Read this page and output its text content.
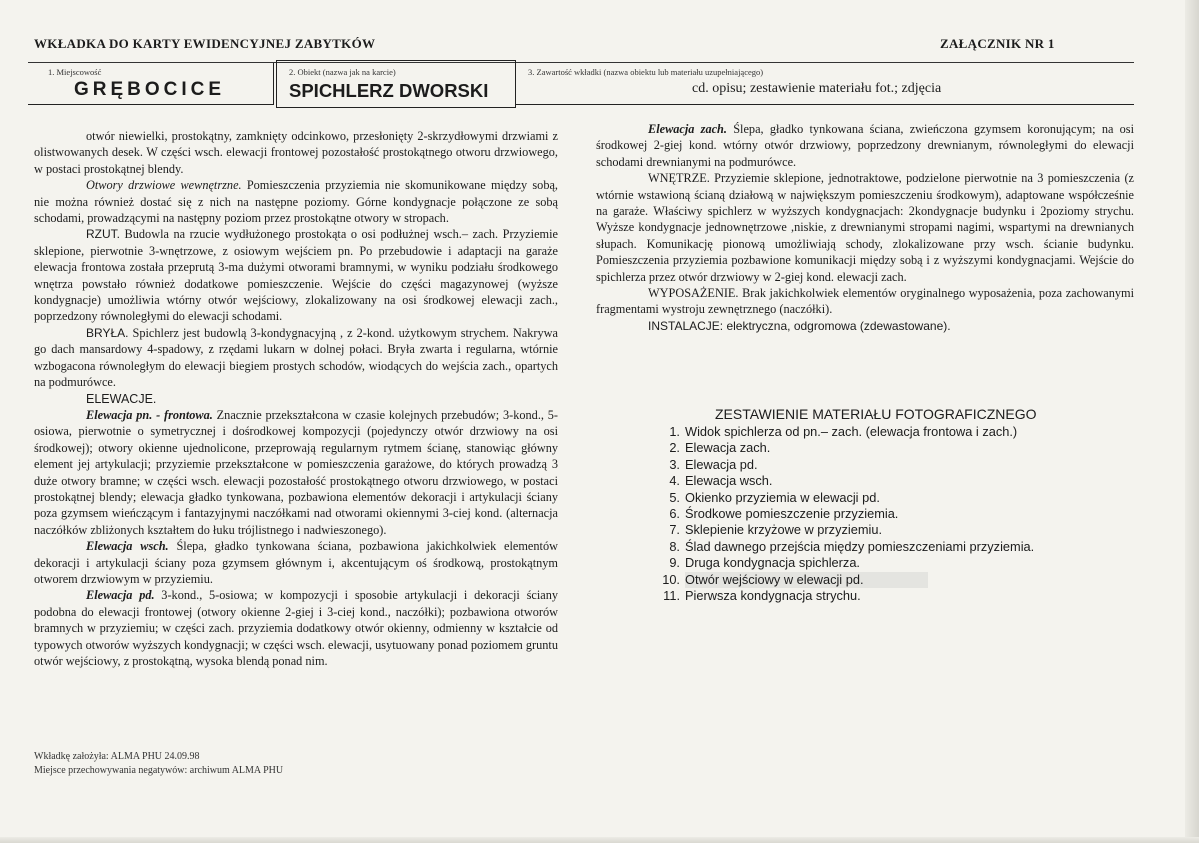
WKŁADKA DO KARTY EWIDENCYJNEJ ZABYTKÓW	ZAŁĄCZNIK NR 1
1. Miejscowość
GRĘBOCICE
2. Obiekt (nazwa jak na karcie)
SPICHLERZ DWORSKI
3. Zawartość wkładki (nazwa obiektu lub materiału uzupełniającego)
cd. opisu; zestawienie materiału fot.; zdjęcia

otwór niewielki, prostokątny, zamknięty odcinkowo, przesłonięty 2-skrzydłowymi drzwiami z olistwowanych desek. W części wsch. elewacji frontowej pozostałość prostokątnego otworu drzwiowego, w postaci prostokątnej blendy.

Otwory drzwiowe wewnętrzne. Pomieszczenia przyziemia nie skomunikowane między sobą, nie można również dostać się z nich na następne poziomy. Górne kondygnacje połączone ze sobą schodami, prowadzącymi na następny poziom przez prostokątne otwory w stropach.

RZUT. Budowla na rzucie wydłużonego prostokąta o osi podłużnej wsch.– zach. Przyziemie sklepione, pierwotnie 3-wnętrzowe, z osiowym wejściem pn. Po przebudowie i adaptacji na garaże elewacja frontowa została przeprutą 3-ma dużymi otworami bramnymi, w wyniku podziału środkowego wnętrza powstało również dodatkowe pomieszczenie. Wejście do części magazynowej (wyższe kondygnacje) umożliwia wtórny otwór wejściowy, zlokalizowany na osi środkowej elewacji zach., poprzedzony równoległymi do elewacji schodami.

BRYŁA. Spichlerz jest budowlą 3-kondygnacyjną , z 2-kond. użytkowym strychem. Nakrywa go dach mansardowy 4-spadowy, z rzędami lukarn w dolnej połaci. Bryła zwarta i regularna, wtórnie wzbogacona równoległym do elewacji biegiem prostych schodów, wiodących do wejścia zach., opartych na podmurówce.

ELEWACJE.

Elewacja pn. - frontowa. Znacznie przekształcona w czasie kolejnych przebudów; 3-kond., 5-osiowa, pierwotnie o symetrycznej i dośrodkowej kompozycji (pojedynczy otwór drzwiowy na osi środkowej); otwory okienne ujednolicone, przeprowają regularnym rytmem ścianę, stanowiąc główny element jej artykulacji; przyziemie przekształcone w pomieszczenia garażowe, do których prowadzą 3 duże otwory bramne; w części wsch. elewacji pozostałość prostokątnego otworu drzwiowego, w postaci prostokątnej blendy; elewacja gładko tynkowana, pozbawiona elementów dekoracji i artykulacji ściany poza gzymsem wieńczącym i fantazyjnymi naczółkami nad otworami okiennymi 3-ciej kond. (alternacja naczółków zbliżonych kształtem do łuku trójlistnego i nadwieszonego).

Elewacja wsch. Ślepa, gładko tynkowana ściana, pozbawiona jakichkolwiek elementów dekoracji i artykulacji ściany poza gzymsem głównym i, akcentującym oś środkową, prostokątnym otworem drzwiowym w przyziemiu.

Elewacja pd. 3-kond., 5-osiowa; w kompozycji i sposobie artykulacji i dekoracji ściany podobna do elewacji frontowej (otwory okienne 2-giej i 3-ciej kond., naczółki); pozbawiona otworów bramnych w przyziemiu; w części zach. przyziemia dodatkowy otwór okienny, odmienny w kształcie od typowych otworów wyższych kondygnacji; w części wsch. elewacji, usytuowany ponad poziomem gruntu otwór wejściowy, z prostokątną, wysoka blendą ponad nim.

Elewacja zach. Ślepa, gładko tynkowana ściana, zwieńczona gzymsem koronującym; na osi środkowej 2-giej kond. wtórny otwór drzwiowy, poprzedzony drewnianym, równoległymi do elewacji schodami drewnianymi na podmurówce.

WNĘTRZE. Przyziemie sklepione, jednotraktowe, podzielone pierwotnie na 3 pomieszczenia (z wtórnie wstawioną ścianą działową w największym pomieszczeniu środkowym), adaptowane współcześnie na garaże. Właściwy spichlerz w wyższych kondygnacjach: 2kondygnacje budynku i 2poziomy strychu. Wyższe kondygnacje jednownętrzowe ,niskie, z drewnianymi stropami nagimi, wspartymi na drewnianych słupach. Komunikację pionową umożliwiają schody, zlokalizowane przy wsch. ścianie budynku. Pomieszczenia przyziemia pozbawione komunikacji między sobą i z wyższymi kondygnacjami. Wejście do spichlerza przez otwór drzwiowy w 2-giej kond. elewacji zach.

WYPOSAŻENIE. Brak jakichkolwiek elementów oryginalnego wyposażenia, poza zachowanymi fragmentami wystroju zewnętrznego (naczółki).

INSTALACJE: elektryczna, odgromowa (zdewastowane).

ZESTAWIENIE MATERIAŁU FOTOGRAFICZNEGO
1. Widok spichlerza od pn.– zach. (elewacja frontowa i zach.)
2. Elewacja zach.
3. Elewacja pd.
4. Elewacja wsch.
5. Okienko przyziemia w elewacji pd.
6. Środkowe pomieszczenie przyziemia.
7. Sklepienie krzyżowe w przyziemiu.
8. Ślad dawnego przejścia między pomieszczeniami przyziemia.
9. Druga kondygnacja spichlerza.
10. Otwór wejściowy w elewacji pd.
11. Pierwsza kondygnacja strychu.
Wkładkę założyła: ALMA PHU 24.09.98
Miejsce przechowywania negatywów: archiwum ALMA PHU
